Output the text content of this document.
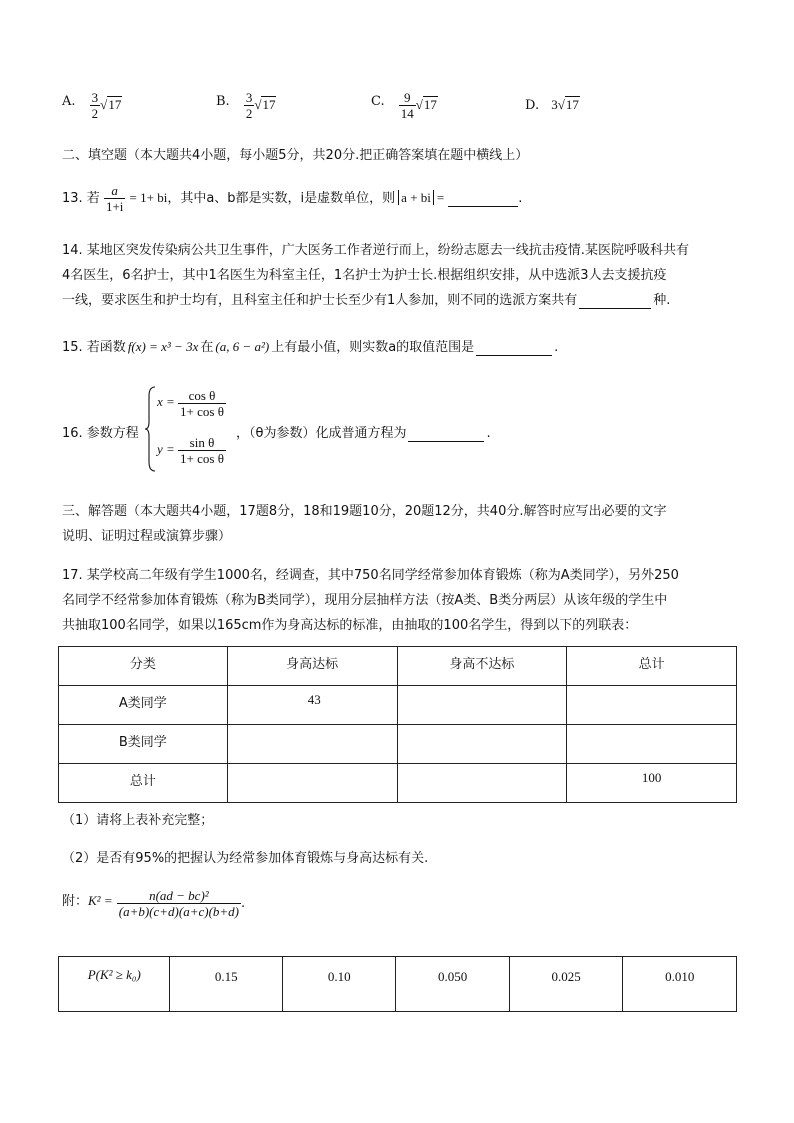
A. $\frac{3}{2} √17$	B. $\frac{3}{2} √17$	C. $\frac{9}{14} √17$	D. 3√17
二、填空题（本大题共4小题，每小题5分，共20分.把正确答案填在题中横线上）
13. 若 $\frac{a}{1+i} = 1+$ bi，其中a、b都是实数，i是虚数单位，则 a + bi =	.
14. 某地区突发传染病公共卫生事件，广大医务工作者逆行而上，纷纷志愿去一线抗击疫情.某医院呼吸科共有
4名医生，6名护士，其中1名医生为科室主任，1名护士为护士长.根据组织安排，从中选派3人去支援抗疫
一线，要求医生和护士均有，且科室主任和护士长至少有1人参加，则不同的选派方案共有	种.
15. 若函数 f(x) = x³ − 3x 在 (a, 6 − a²) 上有最小值，则实数a的取值范围是	.
16. 参数方程
$x = \frac{\text{cos θ}}{\text{1+ cos θ}}$
$y = \frac{\text{sin θ}}{\text{1+ cos θ}}$
，（θ为参数）化成普通方程为	.
三、解答题（本大题共4小题，17题8分，18和19题10分，20题12分，共40分.解答时应写出必要的文字
说明、证明过程或演算步骤）
17. 某学校高二年级有学生1000名，经调查，其中750名同学经常参加体育锻炼（称为A类同学），另外250
名同学不经常参加体育锻炼（称为B类同学），现用分层抽样方法（按A类、B类分两层）从该年级的学生中
共抽取100名同学，如果以165cm作为身高达标的标准，由抽取的100名学生，得到以下的列联表：
分类	身高达标	身高不达标	总计
A类同学	43		
B类同学			
总计			100
（1）请将上表补充完整；
（2）是否有95%的把握认为经常参加体育锻炼与身高达标有关.
附：$K^2 = \frac{\text{n(ad − bc)²}}{(a+b)(c+d)(a+c)(b+d)}$ .
P(K² ≥ k₀)	0.15	0.10	0.050	0.025	0.010
